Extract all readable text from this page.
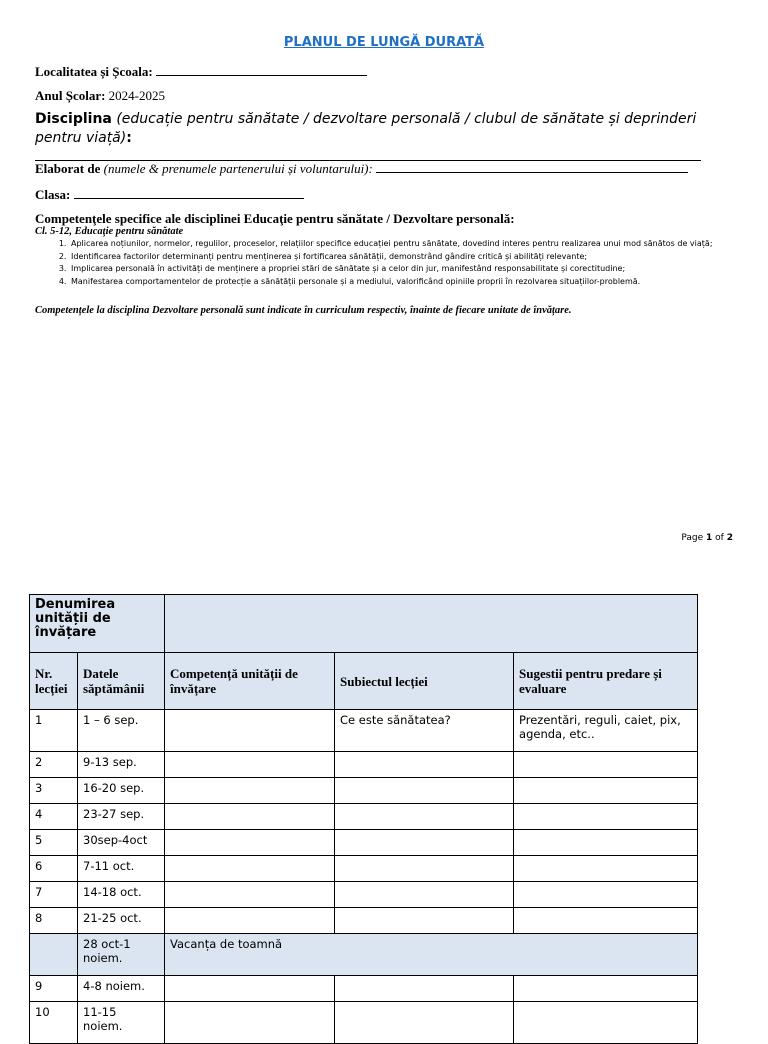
PLANUL DE LUNGĂ DURATĂ
Localitatea și Școala:
Anul Școlar: 2024-2025
Disciplina (educație pentru sănătate / dezvoltare personală / clubul de sănătate și deprinderi pentru viață):
Elaborat de (numele & prenumele partenerului și voluntarului):
Clasa:
Competenţele specifice ale disciplinei Educaţie pentru sănătate / Dezvoltare personală:
Cl. 5-12, Educaţie pentru sănătate
1. Aplicarea noțiunilor, normelor, regulilor, proceselor, relațiilor specifice educației pentru sănătate, dovedind interes pentru realizarea unui mod sănătos de viață;
2. Identificarea factorilor determinanți pentru menținerea și fortificarea sănătății, demonstrând gândire critică și abilități relevante;
3. Implicarea personală în activități de menținere a propriei stări de sănătate și a celor din jur, manifestând responsabilitate și corectitudine;
4. Manifestarea comportamentelor de protecție a sănătății personale și a mediului, valorificând opiniile proprii în rezolvarea situațiilor-problemă.
Competențele la disciplina Dezvoltare personală sunt indicate în curriculum respectiv, înainte de fiecare unitate de învățare.
Page 1 of 2
Denumirea unității de învățare				
Nr. lecției	Datele săptămânii	Competență unității de învățare	Subiectul lecției	Sugestii pentru predare și evaluare
1	1 – 6 sep.		Ce este sănătatea?	Prezentări, reguli, caiet, pix, agenda, etc..
2	9-13 sep.			
3	16-20 sep.			
4	23-27 sep.			
5	30sep-4oct			
6	7-11 oct.			
7	14-18 oct.			
8	21-25 oct.			
	28 oct-1 noiem.	Vacanța de toamnă		
9	4-8 noiem.			
10	11-15 noiem.			
